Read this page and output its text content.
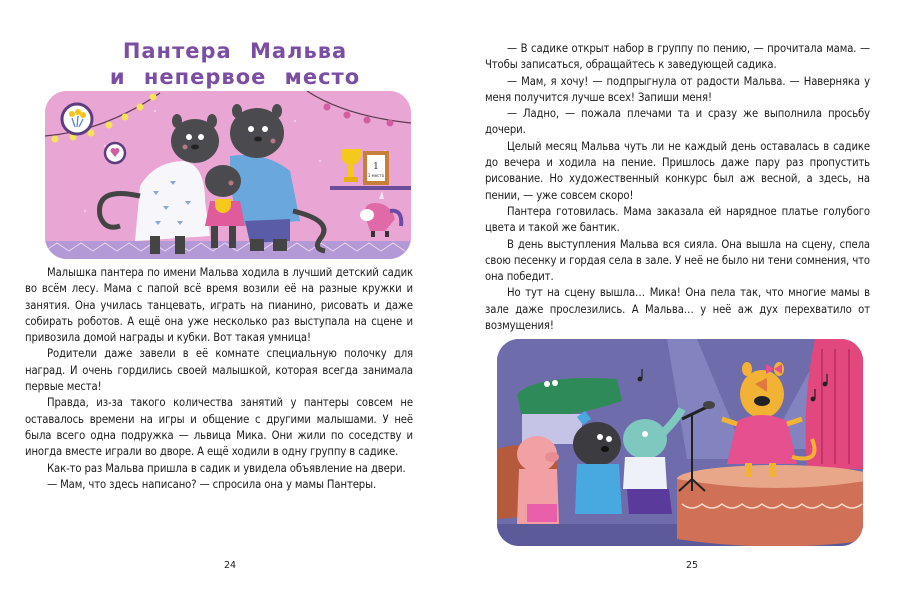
Пантера Мальва
и непервое место
1
1 место

Малышка пантера по имени Мальва ходила в лучший детский садик во всём лесу. Мама с папой всё время возили её на разные кружки и занятия. Она училась танцевать, играть на пианино, рисовать и даже собирать роботов. А ещё она уже несколько раз выступала на сцене и привозила домой награды и кубки. Вот такая умница!

Родители даже завели в её комнате специальную полочку для наград. И очень гордились своей малышкой, которая всегда занимала первые места!

Правда, из-за такого количества занятий у пантеры совсем не оставалось времени на игры и общение с другими малышами. У неё была всего одна подружка — львица Мика. Они жили по соседству и иногда вместе играли во дворе. А ещё ходили в одну группу в садике.

Как-то раз Мальва пришла в садик и увидела объявление на двери.

— Мам, что здесь написано? — спросила она у мамы Пантеры.

24

— В садике открыт набор в группу по пению, — прочитала мама. — Чтобы записаться, обращайтесь к заведующей садика.

— Мам, я хочу! — подпрыгнула от радости Мальва. — Наверняка у меня получится лучше всех! Запиши меня!

— Ладно, — пожала плечами та и сразу же выполнила просьбу дочери.

Целый месяц Мальва чуть ли не каждый день оставалась в садике до вечера и ходила на пение. Пришлось даже пару раз пропустить рисование. Но художественный конкурс был аж весной, а здесь, на пении, — уже совсем скоро!

Пантера готовилась. Мама заказала ей нарядное платье голубого цвета и такой же бантик.

В день выступления Мальва вся сияла. Она вышла на сцену, спела свою песенку и гордая села в зале. У неё не было ни тени сомнения, что она победит.

Но тут на сцену вышла… Мика! Она пела так, что многие мамы в зале даже прослезились. А Мальва… у неё аж дух перехватило от возмущения!

25
